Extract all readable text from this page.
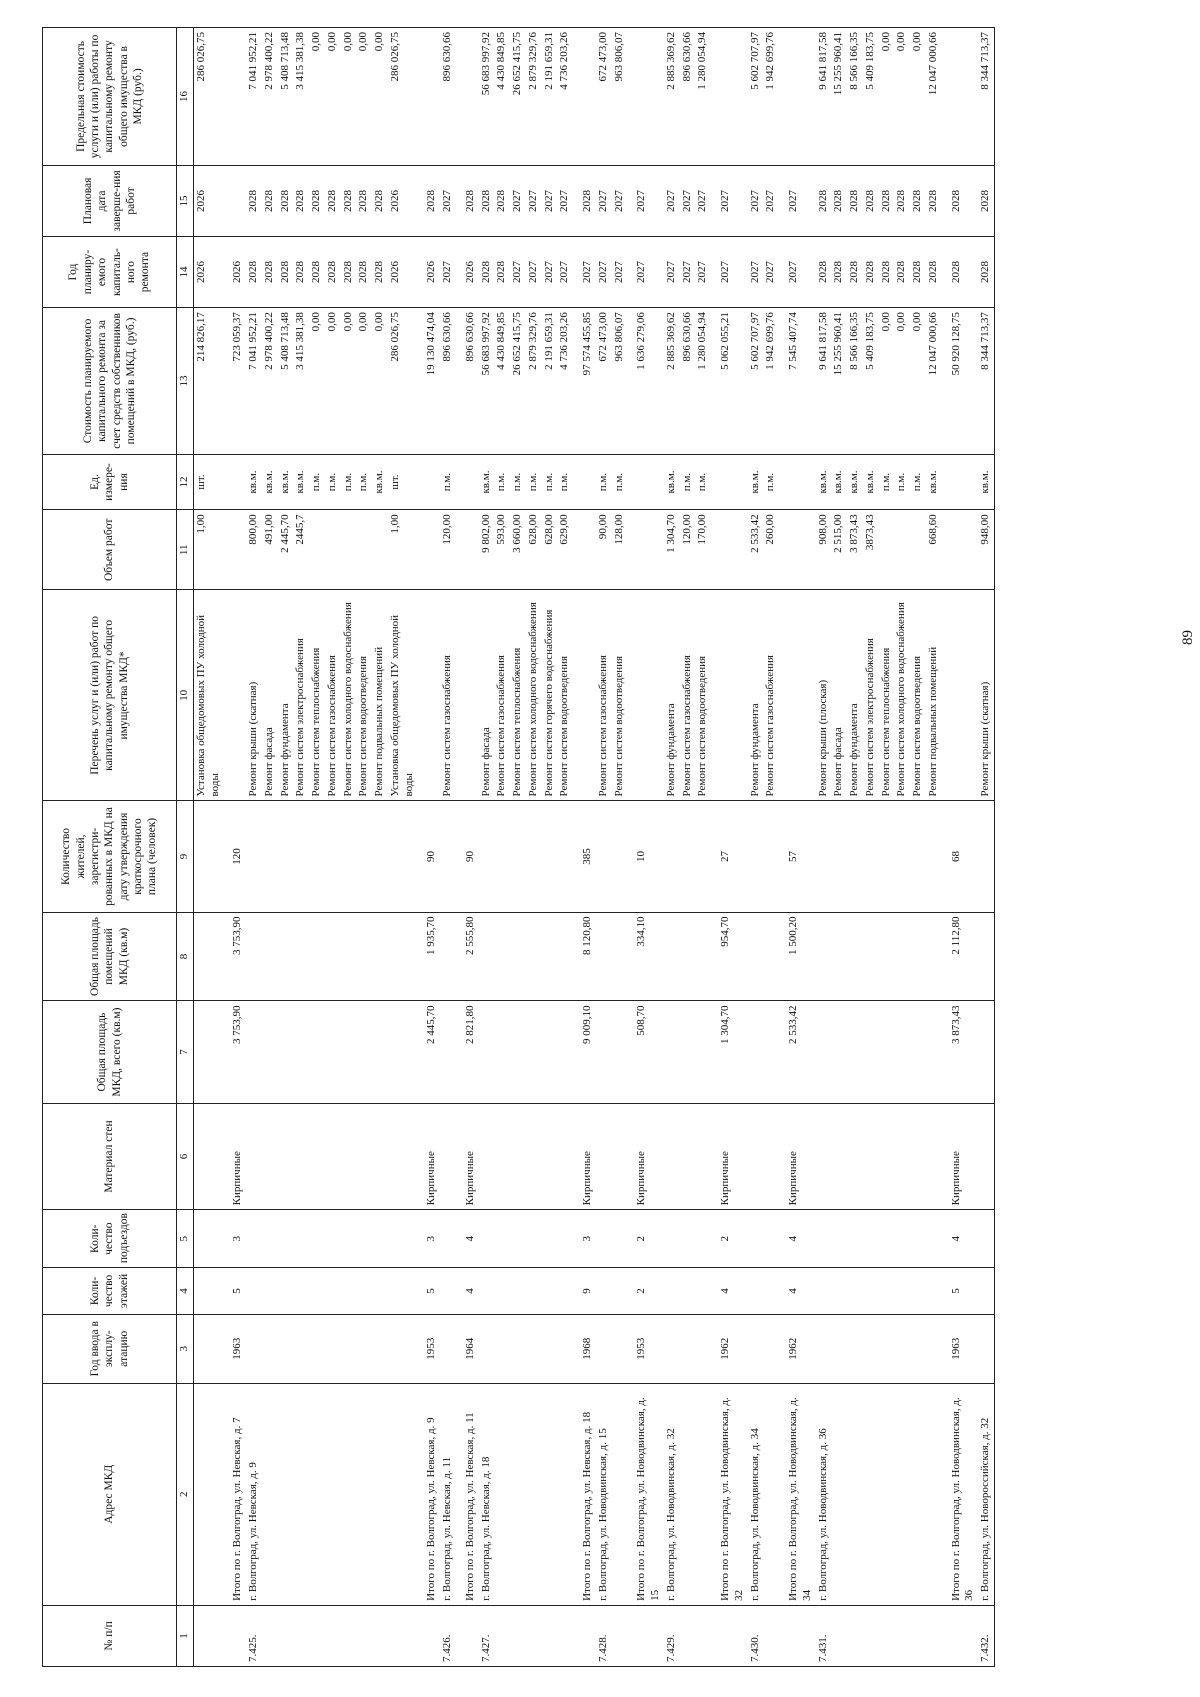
89
№ п/п	Адрес МКД	Год ввода в эксплу-атацию	Коли-чество этажей	Коли-чество подъездов	Материал стен	Общая площадь МКД, всего (кв.м)	Общая площадь помещений МКД (кв.м)	Количество жителей, зарегистри-рованных в МКД на дату утверждения краткосрочного плана (человек)	Перечень услуг и (или) работ по капитальному ремонту общего имущества МКД*	Объем работ	Ед. измере-ния	Стоимость планируемого капитального ремонта за счет средств собственников помещений в МКД, (руб.)	Год планиру-емого капиталь-ного ремонта	Плановая дата заверше-ния работ	Предельная стоимость услуги и (или) работы по капитальному ремонту общего имущества в МКД (руб.)
1	2	3	4	5	6	7	8	9	10	11	12	13	14	15	16
									Установка общедомовых ПУ холодной воды	1,00	шт.	214 826,17	2026	2026	286 026,75
	Итого по г. Волгоград, ул. Невская, д. 7	1963	5	3	Кирпичные	3 753,90	3 753,90	120				723 059,37	2026		
7.425.	г. Волгоград, ул. Невская, д. 9								Ремонт крыши (скатная)	800,00	кв.м.	7 041 952,21	2028	2028	7 041 952,21
									Ремонт фасада	491,00	кв.м.	2 978 400,22	2028	2028	2 978 400,22
									Ремонт фундамента	2 445,70	кв.м.	5 408 713,48	2028	2028	5 408 713,48
									Ремонт систем электроснабжения	2445,7	кв.м.	3 415 381,38	2028	2028	3 415 381,38
									Ремонт систем теплоснабжения		п.м.	0,00	2028	2028	0,00
									Ремонт систем газоснабжения		п.м.	0,00	2028	2028	0,00
									Ремонт систем холодного водоснабжения		п.м.	0,00	2028	2028	0,00
									Ремонт систем водоотведения		п.м.	0,00	2028	2028	0,00
									Ремонт подвальных помещений		кв.м.	0,00	2028	2028	0,00
									Установка общедомовых ПУ холодной воды	1,00	шт.	286 026,75	2026	2026	286 026,75
	Итого по г. Волгоград, ул. Невская, д. 9	1953	5	3	Кирпичные	2 445,70	1 935,70	90				19 130 474,04	2026	2028	
7.426.	г. Волгоград, ул. Невская, д. 11								Ремонт систем газоснабжения	120,00	п.м.	896 630,66	2027	2027	896 630,66
	Итого по г. Волгоград, ул. Невская, д. 11	1964	4	4	Кирпичные	2 821,80	2 555,80	90				896 630,66	2026	2028	
7.427.	г. Волгоград, ул. Невская, д. 18								Ремонт фасада	9 802,00	кв.м.	56 683 997,92	2028	2028	56 683 997,92
									Ремонт систем газоснабжения	593,00	п.м.	4 430 849,85	2028	2028	4 430 849,85
									Ремонт систем теплоснабжения	3 660,00	п.м.	26 652 415,75	2027	2027	26 652 415,75
									Ремонт систем холодного водоснабжения	628,00	п.м.	2 879 329,76	2027	2027	2 879 329,76
									Ремонт систем горячего водоснабжения	628,00	п.м.	2 191 659,31	2027	2027	2 191 659,31
									Ремонт систем водоотведения	629,00	п.м.	4 736 203,26	2027	2027	4 736 203,26
	Итого по г. Волгоград, ул. Невская, д. 18	1968	9	3	Кирпичные	9 009,10	8 120,80	385				97 574 455,85	2027	2028	
7.428.	г. Волгоград, ул. Новодвинская, д. 15								Ремонт систем газоснабжения	90,00	п.м.	672 473,00	2027	2027	672 473,00
									Ремонт систем водоотведения	128,00	п.м.	963 806,07	2027	2027	963 806,07
	Итого по г. Волгоград, ул. Новодвинская, д. 15	1953	2	2	Кирпичные	508,70	334,10	10				1 636 279,06	2027	2027	
7.429.	г. Волгоград, ул. Новодвинская, д. 32								Ремонт фундамента	1 304,70	кв.м.	2 885 369,62	2027	2027	2 885 369,62
									Ремонт систем газоснабжения	120,00	п.м.	896 630,66	2027	2027	896 630,66
									Ремонт систем водоотведения	170,00	п.м.	1 280 054,94	2027	2027	1 280 054,94
	Итого по г. Волгоград, ул. Новодвинская, д. 32	1962	4	2	Кирпичные	1 304,70	954,70	27				5 062 055,21	2027	2027	
7.430.	г. Волгоград, ул. Новодвинская, д. 34								Ремонт фундамента	2 533,42	кв.м.	5 602 707,97	2027	2027	5 602 707,97
									Ремонт систем газоснабжения	260,00	п.м.	1 942 699,76	2027	2027	1 942 699,76
	Итого по г. Волгоград, ул. Новодвинская, д. 34	1962	4	4	Кирпичные	2 533,42	1 500,20	57				7 545 407,74	2027	2027	
7.431.	г. Волгоград, ул. Новодвинская, д. 36								Ремонт крыши (плоская)	908,00	кв.м.	9 641 817,58	2028	2028	9 641 817,58
									Ремонт фасада	2 515,00	кв.м.	15 255 960,41	2028	2028	15 255 960,41
									Ремонт фундамента	3 873,43	кв.м.	8 566 166,35	2028	2028	8 566 166,35
									Ремонт систем электроснабжения	3873,43	кв.м.	5 409 183,75	2028	2028	5 409 183,75
									Ремонт систем теплоснабжения		п.м.	0,00	2028	2028	0,00
									Ремонт систем холодного водоснабжения		п.м.	0,00	2028	2028	0,00
									Ремонт систем водоотведения		п.м.	0,00	2028	2028	0,00
									Ремонт подвальных помещений	668,60	кв.м.	12 047 000,66	2028	2028	12 047 000,66
	Итого по г. Волгоград, ул. Новодвинская, д. 36	1963	5	4	Кирпичные	3 873,43	2 112,80	68				50 920 128,75	2028	2028	
7.432.	г. Волгоград, ул. Новороссийская, д. 32								Ремонт крыши (скатная)	948,00	кв.м.	8 344 713,37	2028	2028	8 344 713,37
